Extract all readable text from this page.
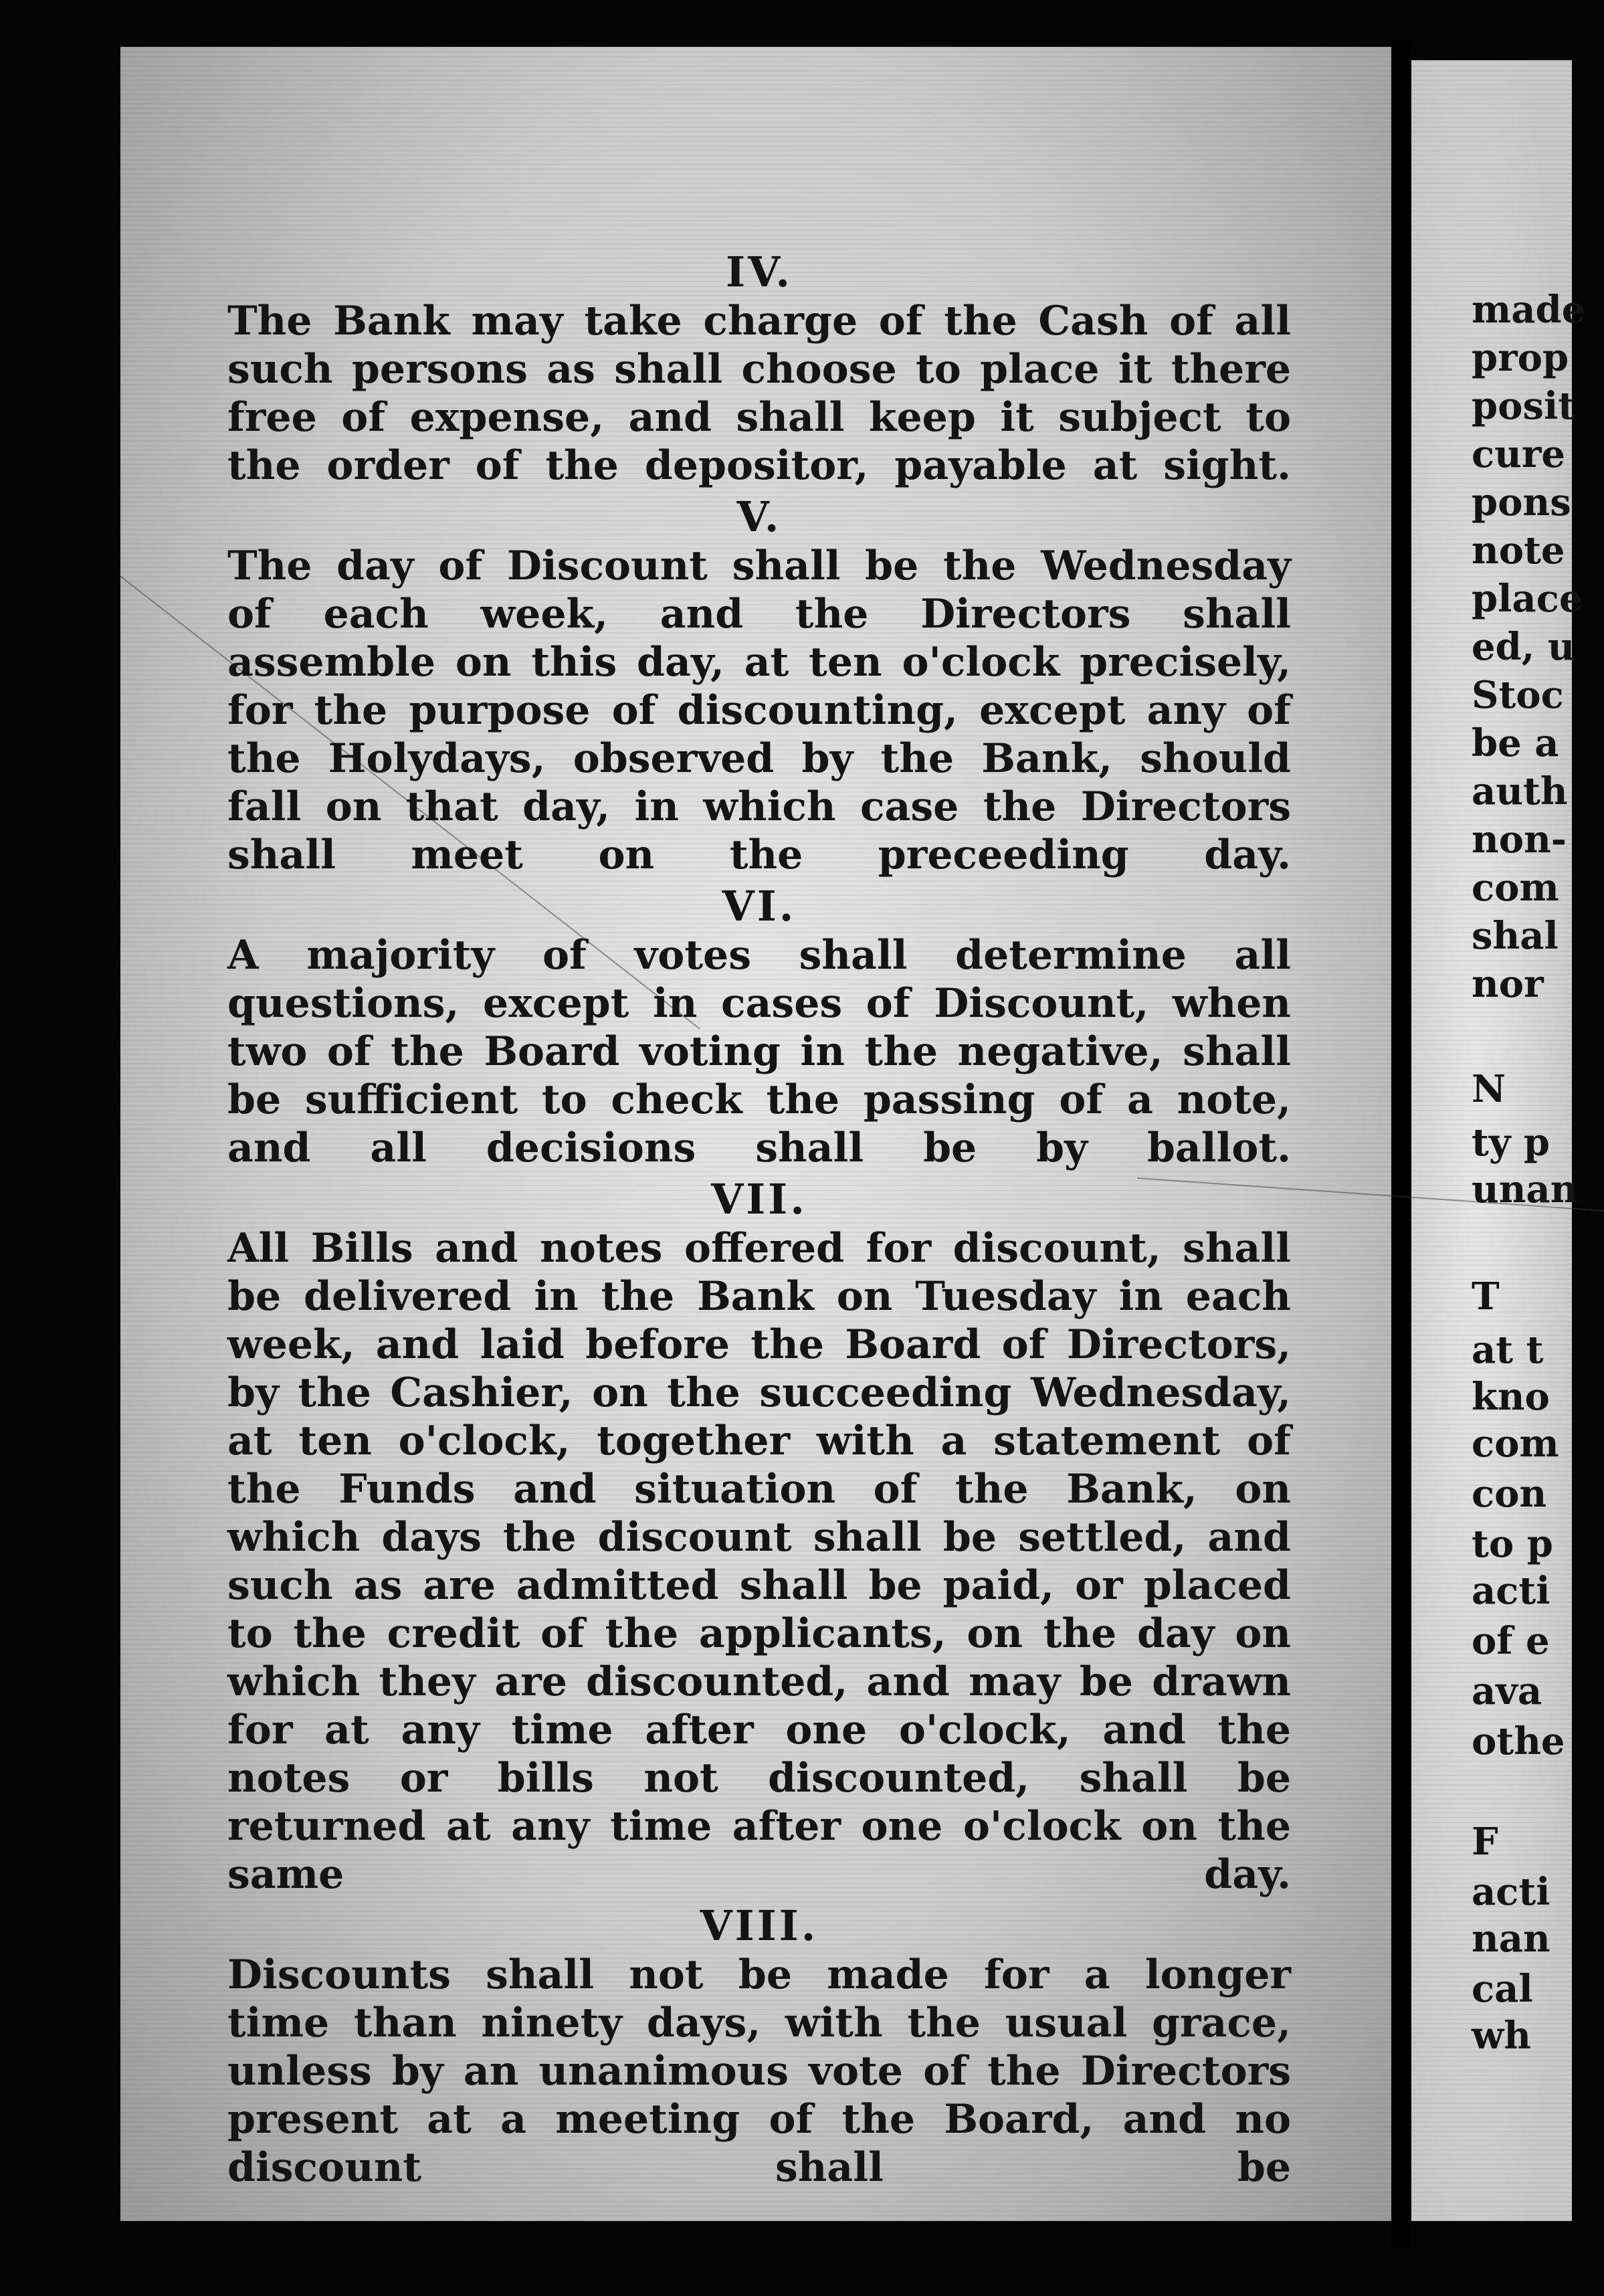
IV.

The Bank may take charge of the Cash of all such persons as shall choose to place it there free of expense, and shall keep it subject to the order of the depositor, payable at sight.

V.

The day of Discount shall be the Wednesday of each week, and the Directors shall assemble on this day, at ten o'clock precisely, for the purpose of discounting, except any of the Holydays, observed by the Bank, should fall on that day, in which case the Directors shall meet on the preceeding day.

VI.

A majority of votes shall determine all questions, except in cases of Discount, when two of the Board voting in the negative, shall be sufficient to check the passing of a note, and all decisions shall be by ballot.

VII.

All Bills and notes offered for discount, shall be delivered in the Bank on Tuesday in each week, and laid before the Board of Directors, by the Cashier, on the succeeding Wednesday, at ten o'clock, together with a statement of the Funds and situation of the Bank, on which days the discount shall be settled, and such as are admitted shall be paid, or placed to the credit of the applicants, on the day on which they are discounted, and may be drawn for at any time after one o'clock, and the notes or bills not discounted, shall be returned at any time after one o'clock on the same day.

VIII.

Discounts shall not be made for a longer time than ninety days, with the usual grace, unless by an unanimous vote of the Directors present at a meeting of the Board, and no discount shall be

made
prop
posit
cure
pons
note
place
ed, u
Stoc
be a
auth
non-
com
shal
nor
N
ty p
unan
T
at t
kno
com
con
to p
acti
of e
ava
othe
F
acti
nan
cal
wh
